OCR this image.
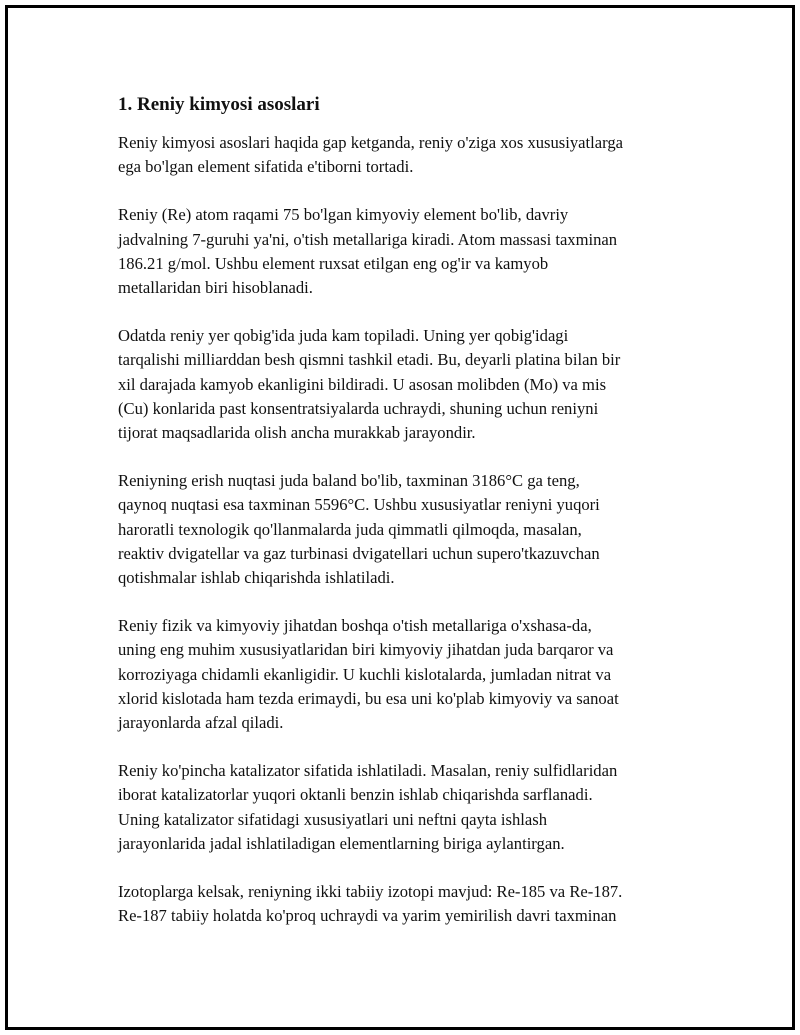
1. Reniy kimyosi asoslari
Reniy kimyosi asoslari haqida gap ketganda, reniy o'ziga xos xususiyatlarga
ega bo'lgan element sifatida e'tiborni tortadi.
Reniy (Re) atom raqami 75 bo'lgan kimyoviy element bo'lib, davriy
jadvalning 7-guruhi ya'ni, o'tish metallariga kiradi. Atom massasi taxminan
186.21 g/mol. Ushbu element ruxsat etilgan eng og'ir va kamyob
metallaridan biri hisoblanadi.
Odatda reniy yer qobig'ida juda kam topiladi. Uning yer qobig'idagi
tarqalishi milliarddan besh qismni tashkil etadi. Bu, deyarli platina bilan bir
xil darajada kamyob ekanligini bildiradi. U asosan molibden (Mo) va mis
(Cu) konlarida past konsentratsiyalarda uchraydi, shuning uchun reniyni
tijorat maqsadlarida olish ancha murakkab jarayondir.
Reniyning erish nuqtasi juda baland bo'lib, taxminan 3186°C ga teng,
qaynoq nuqtasi esa taxminan 5596°C. Ushbu xususiyatlar reniyni yuqori
haroratli texnologik qo'llanmalarda juda qimmatli qilmoqda, masalan,
reaktiv dvigatellar va gaz turbinasi dvigatellari uchun supero'tkazuvchan
qotishmalar ishlab chiqarishda ishlatiladi.
Reniy fizik va kimyoviy jihatdan boshqa o'tish metallariga o'xshasa-da,
uning eng muhim xususiyatlaridan biri kimyoviy jihatdan juda barqaror va
korroziyaga chidamli ekanligidir. U kuchli kislotalarda, jumladan nitrat va
xlorid kislotada ham tezda erimaydi, bu esa uni ko'plab kimyoviy va sanoat
jarayonlarda afzal qiladi.
Reniy ko'pincha katalizator sifatida ishlatiladi. Masalan, reniy sulfidlaridan
iborat katalizatorlar yuqori oktanli benzin ishlab chiqarishda sarflanadi.
Uning katalizator sifatidagi xususiyatlari uni neftni qayta ishlash
jarayonlarida jadal ishlatiladigan elementlarning biriga aylantirgan.
Izotoplarga kelsak, reniyning ikki tabiiy izotopi mavjud: Re-185 va Re-187.
Re-187 tabiiy holatda ko'proq uchraydi va yarim yemirilish davri taxminan
